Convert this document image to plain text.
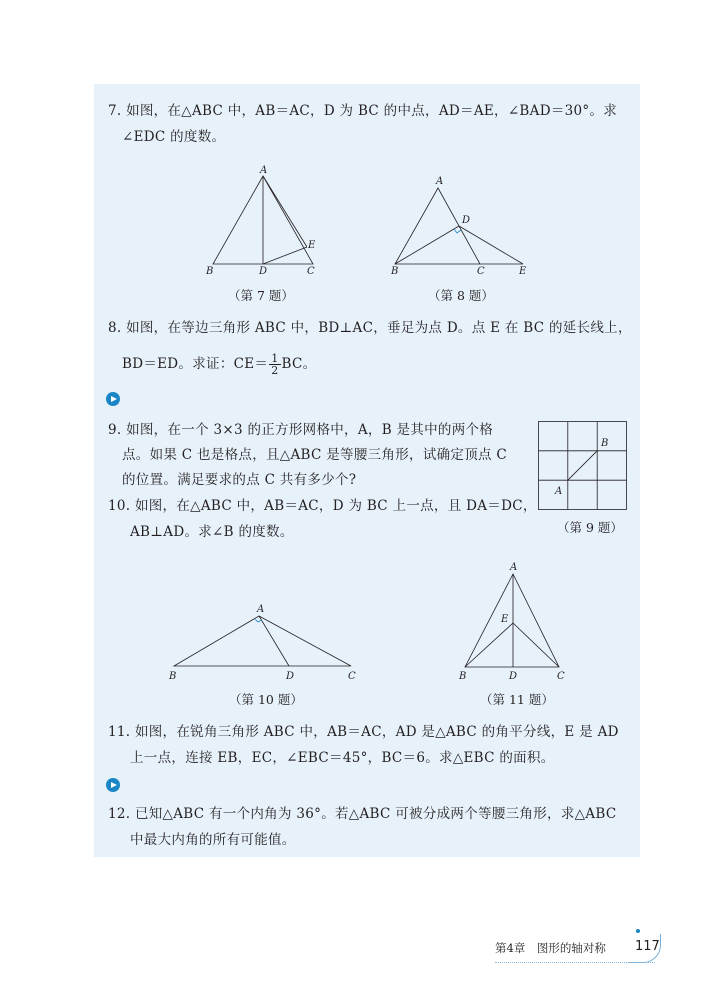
7. 如图，在△ABC 中，AB＝AC，D 为 BC 的中点，AD＝AE，∠BAD＝30°。求
∠EDC 的度数。
A
B	D	C
E
（第 7 题）
A
D
B	C	E
（第 8 题）
8. 如图，在等边三角形 ABC 中，BD⊥AC，垂足为点 D。点 E 在 BC 的延长线上，
BD＝ED。求证：$CE= \frac{1}{2}$ BC。
9. 如图，在一个 3×3 的正方形网格中，A，B 是其中的两个格
点。如果 C 也是格点，且△ABC 是等腰三角形，试确定顶点 C
的位置。满足要求的点 C 共有多少个?
A
B
（第 9 题）
10. 如图，在△ABC 中，AB＝AC，D 为 BC 上一点，且 DA＝DC，
AB⊥AD。求∠B 的度数。
A
B	D	C
（第 10 题）
A
E
B	D	C
（第 11 题）
11. 如图，在锐角三角形 ABC 中，AB＝AC，AD 是△ABC 的角平分线，E 是 AD
上一点，连接 EB，EC，∠EBC＝45°，BC＝6。求△EBC 的面积。
12. 已知△ABC 有一个内角为 36°。若△ABC 可被分成两个等腰三角形，求△ABC
中最大内角的所有可能值。
第4章　图形的轴对称 117
